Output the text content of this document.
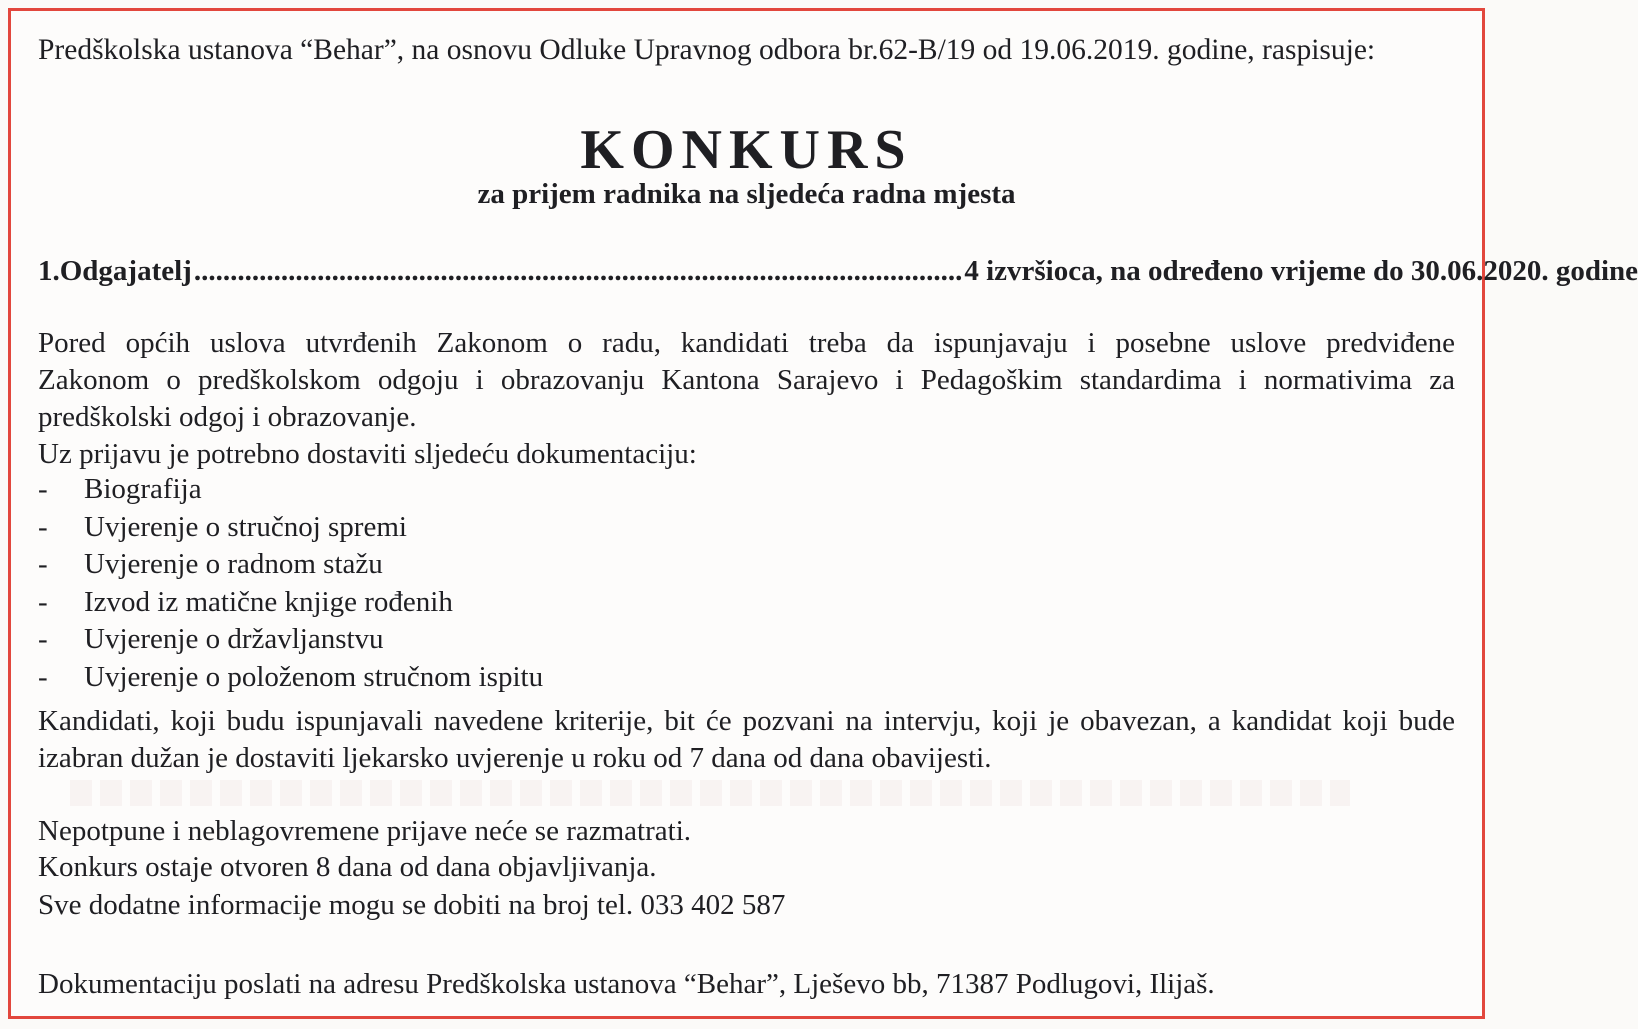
Predškolska ustanova “Behar”, na osnovu Odluke Upravnog odbora br.62-B/19 od 19.06.2019. godine, raspisuje:
KONKURS
za prijem radnika na sljedeća radna mjesta
1. Odgajatelj .......................................................................................................... 4 izvršioca, na određeno vrijeme do 30.06.2020. godine
Pored općih uslova utvrđenih Zakonom o radu, kandidati treba da ispunjavaju i posebne uslove predviđene
Zakonom o predškolskom odgoju i obrazovanju Kantona Sarajevo i Pedagoškim standardima i normativima za
predškolski odgoj i obrazovanje.
Uz prijavu je potrebno dostaviti sljedeću dokumentaciju:
-	Biografija
-	Uvjerenje o stručnoj spremi
-	Uvjerenje o radnom stažu
-	Izvod iz matične knjige rođenih
-	Uvjerenje o državljanstvu
-	Uvjerenje o položenom stručnom ispitu
Kandidati, koji budu ispunjavali navedene kriterije, bit će pozvani na intervju, koji je obavezan, a kandidat koji bude
izabran dužan je dostaviti ljekarsko uvjerenje u roku od 7 dana od dana obavijesti.
Nepotpune i neblagovremene prijave neće se razmatrati.
Konkurs ostaje otvoren 8 dana od dana objavljivanja.
Sve dodatne informacije mogu se dobiti na broj tel. 033 402 587
Dokumentaciju poslati na adresu Predškolska ustanova “Behar”, Lješevo bb, 71387 Podlugovi, Ilijaš.
